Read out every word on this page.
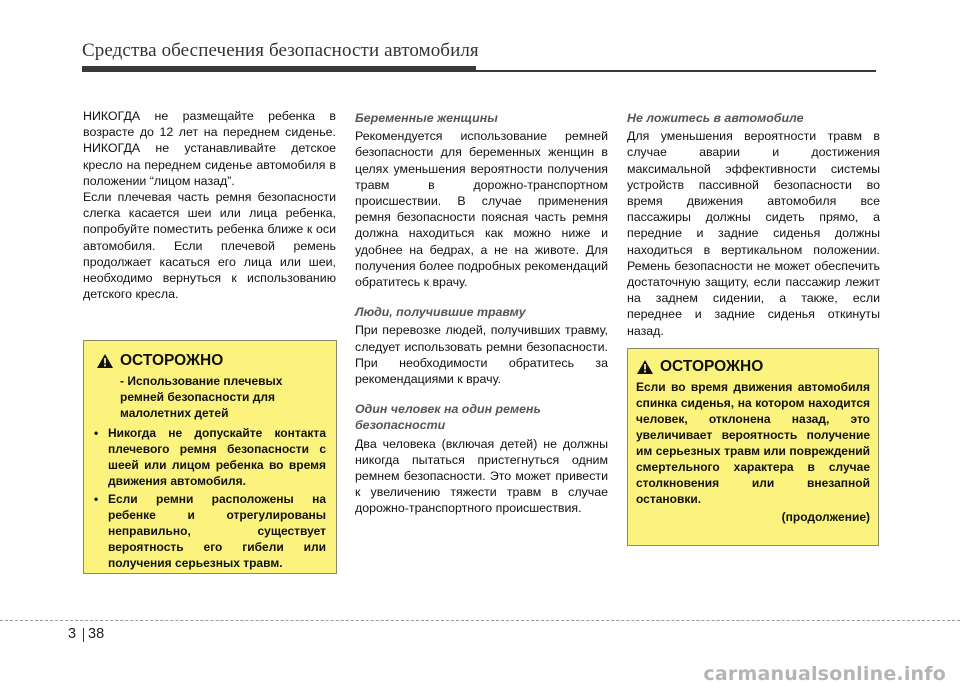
Средства обеспечения безопасности автомобиля

НИКОГДА не размещайте ребенка в возрасте до 12 лет на переднем сиденье. НИКОГДА не устанавливайте детское кресло на переднем сиденье автомобиля в положении “лицом назад”.

Если плечевая часть ремня безопасности слегка касается шеи или лица ребенка, попробуйте поместить ребенка ближе к оси автомобиля. Если плечевой ремень продолжает касаться его лица или шеи, необходимо вернуться к использованию детского кресла.

ОСТОРОЖНО
- Использование плечевых ремней безопасности для малолетних детей
• Никогда не допускайте контакта плечевого ремня безопасности с шеей или лицом ребенка во время движения автомобиля.
• Если ремни расположены на ребенке и отрегулированы неправильно, существует вероятность его гибели или получения серьезных травм.
Беременные женщины

Рекомендуется использование ремней безопасности для беременных женщин в целях уменьшения вероятности получения травм в дорожно-транспортном происшествии. В случае применения ремня безопасности поясная часть ремня должна находиться как можно ниже и удобнее на бедрах, а не на животе. Для получения более подробных рекомендаций обратитесь к врачу.

Люди, получившие травму

При перевозке людей, получивших травму, следует использовать ремни безопасности. При необходимости обратитесь за рекомендациями к врачу.

Один человек на один ремень безопасности

Два человека (включая детей) не должны никогда пытаться пристегнуться одним ремнем безопасности. Это может привести к увеличению тяжести травм в случае дорожно-транспортного происшествия.

Не ложитесь в автомобиле

Для уменьшения вероятности травм в случае аварии и достижения максимальной эффективности системы устройств пассивной безопасности во время движения автомобиля все пассажиры должны сидеть прямо, а передние и задние сиденья должны находиться в вертикальном положении. Ремень безопасности не может обеспечить достаточную защиту, если пассажир лежит на заднем сидении, а также, если переднее и задние сиденья откинуты назад.

ОСТОРОЖНО
Если во время движения автомобиля спинка сиденья, на котором находится человек, отклонена назад, это увеличивает вероятность получение им серьезных травм или повреждений смертельного характера в случае столкновения или внезапной остановки.
(продолжение)
3 38
carmanualsonline.info
